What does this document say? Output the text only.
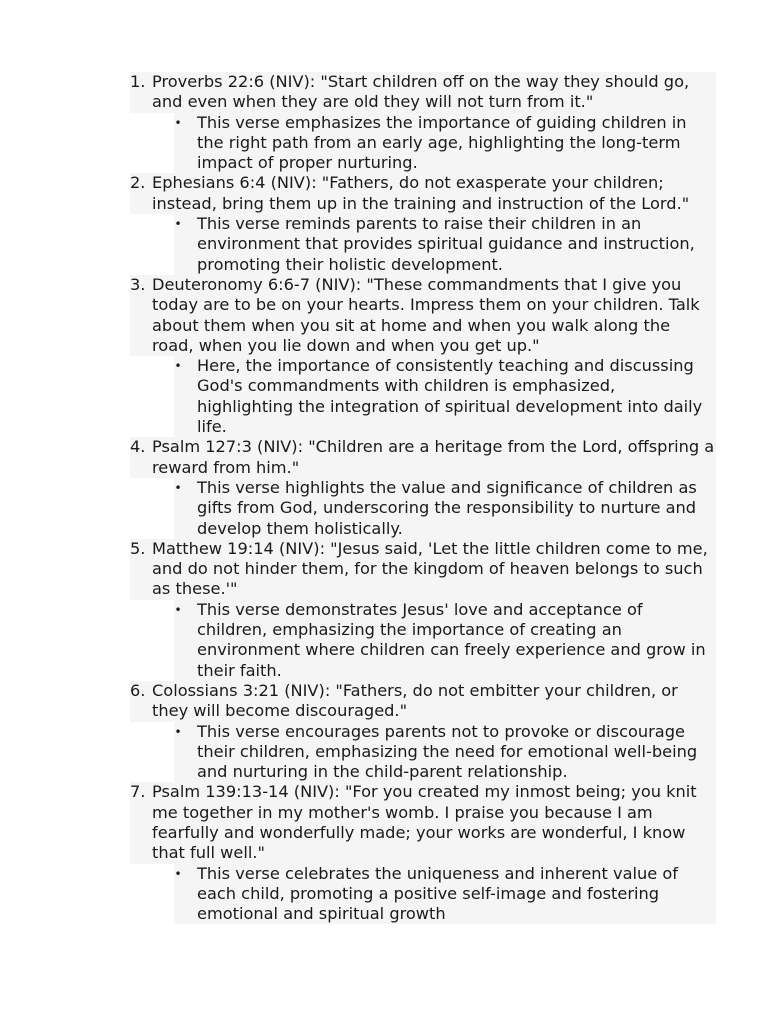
1. Proverbs 22:6 (NIV): "Start children off on the way they should go, and even when they are old they will not turn from it."
• This verse emphasizes the importance of guiding children in the right path from an early age, highlighting the long-term impact of proper nurturing.
2. Ephesians 6:4 (NIV): "Fathers, do not exasperate your children; instead, bring them up in the training and instruction of the Lord."
• This verse reminds parents to raise their children in an environment that provides spiritual guidance and instruction, promoting their holistic development.
3. Deuteronomy 6:6-7 (NIV): "These commandments that I give you today are to be on your hearts. Impress them on your children. Talk about them when you sit at home and when you walk along the road, when you lie down and when you get up."
• Here, the importance of consistently teaching and discussing God's commandments with children is emphasized, highlighting the integration of spiritual development into daily life.
4. Psalm 127:3 (NIV): "Children are a heritage from the Lord, offspring a reward from him."
• This verse highlights the value and significance of children as gifts from God, underscoring the responsibility to nurture and develop them holistically.
5. Matthew 19:14 (NIV): "Jesus said, 'Let the little children come to me, and do not hinder them, for the kingdom of heaven belongs to such as these.'"
• This verse demonstrates Jesus' love and acceptance of children, emphasizing the importance of creating an environment where children can freely experience and grow in their faith.
6. Colossians 3:21 (NIV): "Fathers, do not embitter your children, or they will become discouraged."
• This verse encourages parents not to provoke or discourage their children, emphasizing the need for emotional well-being and nurturing in the child-parent relationship.
7. Psalm 139:13-14 (NIV): "For you created my inmost being; you knit me together in my mother's womb. I praise you because I am fearfully and wonderfully made; your works are wonderful, I know that full well."
• This verse celebrates the uniqueness and inherent value of each child, promoting a positive self-image and fostering emotional and spiritual growth
